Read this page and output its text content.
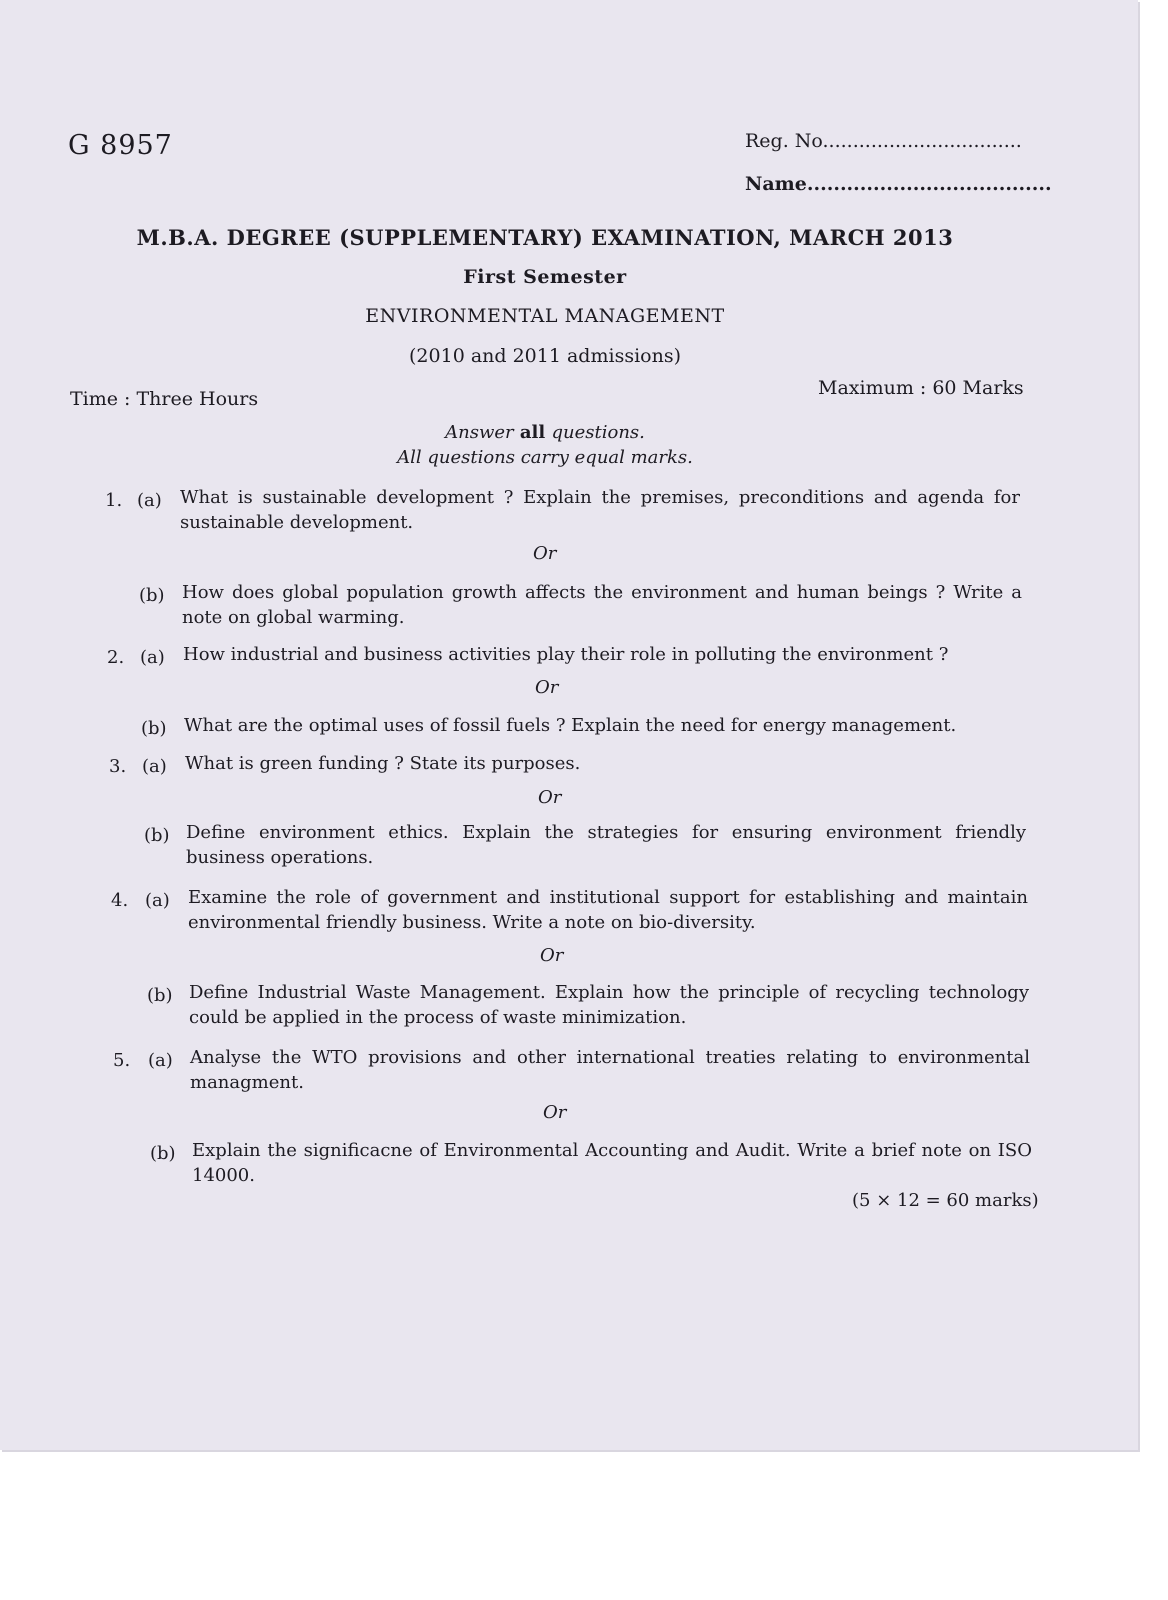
G 8957	Reg. No.................................
Name.....................................
M.B.A. DEGREE (SUPPLEMENTARY) EXAMINATION, MARCH 2013
First Semester
ENVIRONMENTAL MANAGEMENT
(2010 and 2011 admissions)
Time : Three Hours	Maximum : 60 Marks
Answer all questions.
All questions carry equal marks.
1. (a) What is sustainable development ? Explain the premises, preconditions and agenda for sustainable development.
Or
(b) How does global population growth affects the environment and human beings ? Write a note on global warming.
2. (a) How industrial and business activities play their role in polluting the environment ?
Or
(b) What are the optimal uses of fossil fuels ? Explain the need for energy management.
3. (a) What is green funding ? State its purposes.
Or
(b) Define environment ethics. Explain the strategies for ensuring environment friendly business operations.
4. (a) Examine the role of government and institutional support for establishing and maintain environmental friendly business. Write a note on bio-diversity.
Or
(b) Define Industrial Waste Management. Explain how the principle of recycling technology could be applied in the process of waste minimization.
5. (a) Analyse the WTO provisions and other international treaties relating to environmental managment.
Or
(b) Explain the significacne of Environmental Accounting and Audit. Write a brief note on ISO 14000.
(5 × 12 = 60 marks)
